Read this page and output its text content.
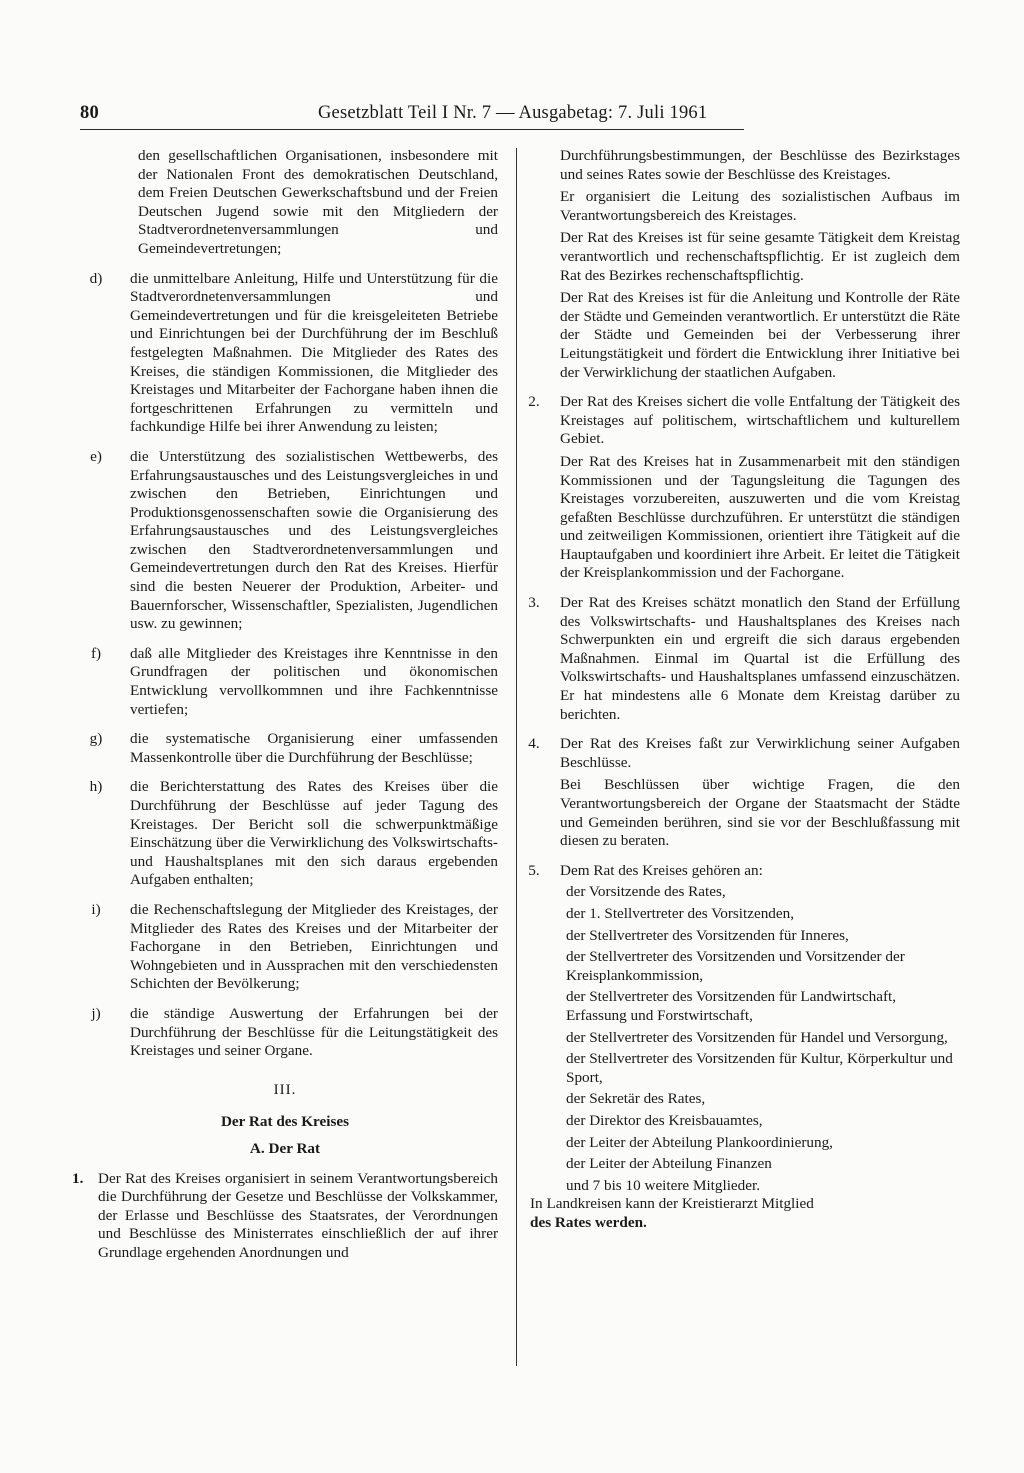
80	Gesetzblatt Teil I Nr. 7 — Ausgabetag: 7. Juli 1961

den gesellschaftlichen Organisationen, insbesondere mit der Nationalen Front des demokratischen Deutschland, dem Freien Deutschen Gewerkschaftsbund und der Freien Deutschen Jugend sowie mit den Mitgliedern der Stadtverordnetenversammlungen und Gemeindevertretungen;

d)	die unmittelbare Anleitung, Hilfe und Unterstützung für die Stadtverordnetenversammlungen und Gemeindevertretungen und für die kreisgeleiteten Betriebe und Einrichtungen bei der Durchführung der im Beschluß festgelegten Maßnahmen. Die Mitglieder des Rates des Kreises, die ständigen Kommissionen, die Mitglieder des Kreistages und Mitarbeiter der Fachorgane haben ihnen die fortgeschrittenen Erfahrungen zu vermitteln und fachkundige Hilfe bei ihrer Anwendung zu leisten;

e)	die Unterstützung des sozialistischen Wettbewerbs, des Erfahrungsaustausches und des Leistungsvergleiches in und zwischen den Betrieben, Einrichtungen und Produktionsgenossenschaften sowie die Organisierung des Erfahrungsaustausches und des Leistungsvergleiches zwischen den Stadtverordnetenversammlungen und Gemeindevertretungen durch den Rat des Kreises. Hierfür sind die besten Neuerer der Produktion, Arbeiter- und Bauernforscher, Wissenschaftler, Spezialisten, Jugendlichen usw. zu gewinnen;

f)	daß alle Mitglieder des Kreistages ihre Kenntnisse in den Grundfragen der politischen und ökonomischen Entwicklung vervollkommnen und ihre Fachkenntnisse vertiefen;

g)	die systematische Organisierung einer umfassenden Massenkontrolle über die Durchführung der Beschlüsse;

h)	die Berichterstattung des Rates des Kreises über die Durchführung der Beschlüsse auf jeder Tagung des Kreistages. Der Bericht soll die schwerpunktmäßige Einschätzung über die Verwirklichung des Volkswirtschafts- und Haushaltsplanes mit den sich daraus ergebenden Aufgaben enthalten;

i)	die Rechenschaftslegung der Mitglieder des Kreistages, der Mitglieder des Rates des Kreises und der Mitarbeiter der Fachorgane in den Betrieben, Einrichtungen und Wohngebieten und in Aussprachen mit den verschiedensten Schichten der Bevölkerung;

j)	die ständige Auswertung der Erfahrungen bei der Durchführung der Beschlüsse für die Leitungstätigkeit des Kreistages und seiner Organe.

III.
Der Rat des Kreises
A. Der Rat
1. Der Rat des Kreises organisiert in seinem Verantwortungsbereich die Durchführung der Gesetze und Beschlüsse der Volkskammer, der Erlasse und Beschlüsse des Staatsrates, der Verordnungen und Beschlüsse des Ministerrates einschließlich der auf ihrer Grundlage ergehenden Anordnungen und

Durchführungsbestimmungen, der Beschlüsse des Bezirkstages und seines Rates sowie der Beschlüsse des Kreistages.

Er organisiert die Leitung des sozialistischen Aufbaus im Verantwortungsbereich des Kreistages.

Der Rat des Kreises ist für seine gesamte Tätigkeit dem Kreistag verantwortlich und rechenschaftspflichtig. Er ist zugleich dem Rat des Bezirkes rechenschaftspflichtig.

Der Rat des Kreises ist für die Anleitung und Kontrolle der Räte der Städte und Gemeinden verantwortlich. Er unterstützt die Räte der Städte und Gemeinden bei der Verbesserung ihrer Leitungstätigkeit und fördert die Entwicklung ihrer Initiative bei der Verwirklichung der staatlichen Aufgaben.

2.	Der Rat des Kreises sichert die volle Entfaltung der Tätigkeit des Kreistages auf politischem, wirtschaftlichem und kulturellem Gebiet.

Der Rat des Kreises hat in Zusammenarbeit mit den ständigen Kommissionen und der Tagungsleitung die Tagungen des Kreistages vorzubereiten, auszuwerten und die vom Kreistag gefaßten Beschlüsse durchzuführen. Er unterstützt die ständigen und zeitweiligen Kommissionen, orientiert ihre Tätigkeit auf die Hauptaufgaben und koordiniert ihre Arbeit. Er leitet die Tätigkeit der Kreisplankommission und der Fachorgane.

3.	Der Rat des Kreises schätzt monatlich den Stand der Erfüllung des Volkswirtschafts- und Haushaltsplanes des Kreises nach Schwerpunkten ein und ergreift die sich daraus ergebenden Maßnahmen. Einmal im Quartal ist die Erfüllung des Volkswirtschafts- und Haushaltsplanes umfassend einzuschätzen. Er hat mindestens alle 6 Monate dem Kreistag darüber zu berichten.

4.	Der Rat des Kreises faßt zur Verwirklichung seiner Aufgaben Beschlüsse.

Bei Beschlüssen über wichtige Fragen, die den Verantwortungsbereich der Organe der Staatsmacht der Städte und Gemeinden berühren, sind sie vor der Beschlußfassung mit diesen zu beraten.

5.	Dem Rat des Kreises gehören an:

der Vorsitzende des Rates,

der 1. Stellvertreter des Vorsitzenden,

der Stellvertreter des Vorsitzenden für Inneres,

der Stellvertreter des Vorsitzenden und Vorsitzender der Kreisplankommission,

der Stellvertreter des Vorsitzenden für Landwirtschaft, Erfassung und Forstwirtschaft,

der Stellvertreter des Vorsitzenden für Handel und Versorgung,

der Stellvertreter des Vorsitzenden für Kultur, Körperkultur und Sport,

der Sekretär des Rates,

der Direktor des Kreisbauamtes,

der Leiter der Abteilung Plankoordinierung,

der Leiter der Abteilung Finanzen

und 7 bis 10 weitere Mitglieder.

In Landkreisen kann der Kreistierarzt Mitglied
des Rates werden.
